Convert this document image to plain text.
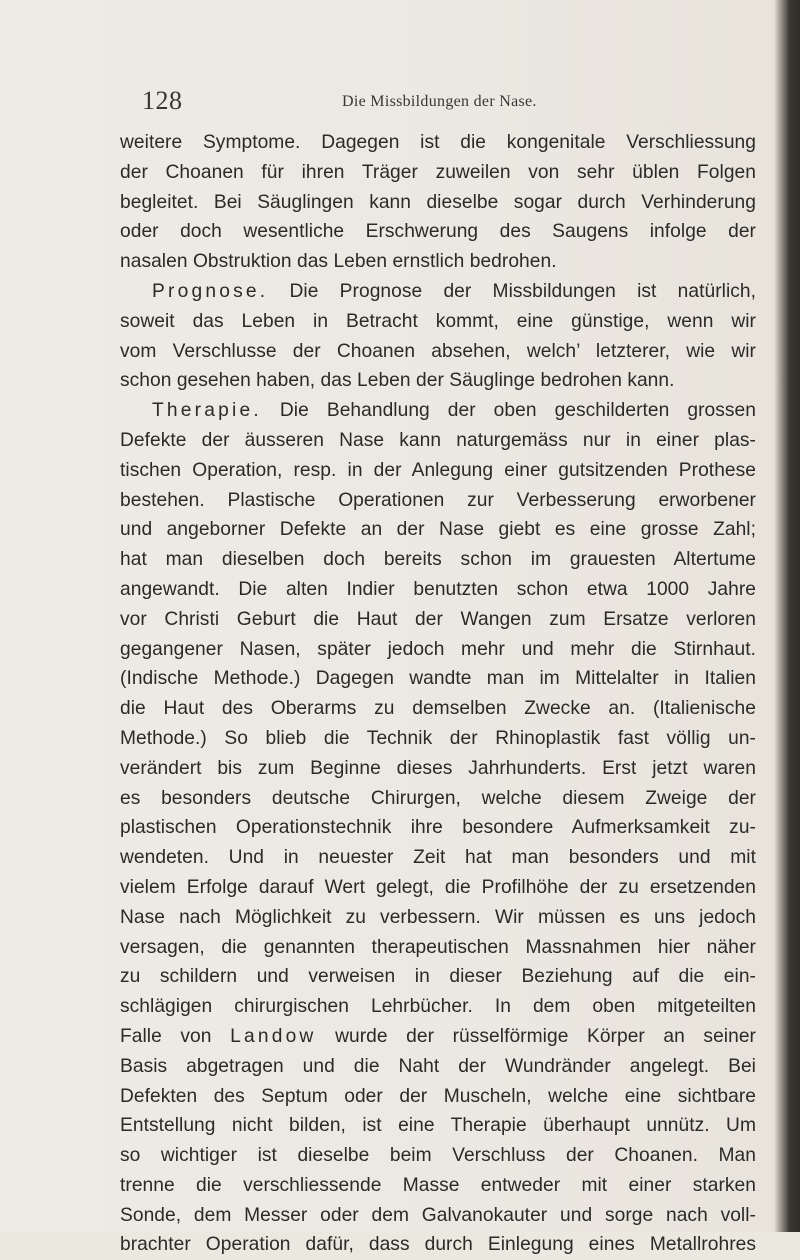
128	Die Missbildungen der Nase.
weitere Symptome. Dagegen ist die kongenitale Verschliessung
der Choanen für ihren Träger zuweilen von sehr üblen Folgen
begleitet. Bei Säuglingen kann dieselbe sogar durch Verhinderung
oder doch wesentliche Erschwerung des Saugens infolge der
nasalen Obstruktion das Leben ernstlich bedrohen.
Prognose. Die Prognose der Missbildungen ist natürlich,
soweit das Leben in Betracht kommt, eine günstige, wenn wir
vom Verschlusse der Choanen absehen, welch’ letzterer, wie wir
schon gesehen haben, das Leben der Säuglinge bedrohen kann.
Therapie. Die Behandlung der oben geschilderten grossen
Defekte der äusseren Nase kann naturgemäss nur in einer plas-
tischen Operation, resp. in der Anlegung einer gutsitzenden Prothese
bestehen. Plastische Operationen zur Verbesserung erworbener
und angeborner Defekte an der Nase giebt es eine grosse Zahl;
hat man dieselben doch bereits schon im grauesten Altertume
angewandt. Die alten Indier benutzten schon etwa 1000 Jahre
vor Christi Geburt die Haut der Wangen zum Ersatze verloren
gegangener Nasen, später jedoch mehr und mehr die Stirnhaut.
(Indische Methode.) Dagegen wandte man im Mittelalter in Italien
die Haut des Oberarms zu demselben Zwecke an. (Italienische
Methode.) So blieb die Technik der Rhinoplastik fast völlig un-
verändert bis zum Beginne dieses Jahrhunderts. Erst jetzt waren
es besonders deutsche Chirurgen, welche diesem Zweige der
plastischen Operationstechnik ihre besondere Aufmerksamkeit zu-
wendeten. Und in neuester Zeit hat man besonders und mit
vielem Erfolge darauf Wert gelegt, die Profilhöhe der zu ersetzenden
Nase nach Möglichkeit zu verbessern. Wir müssen es uns jedoch
versagen, die genannten therapeutischen Massnahmen hier näher
zu schildern und verweisen in dieser Beziehung auf die ein-
schlägigen chirurgischen Lehrbücher. In dem oben mitgeteilten
Falle von Landow wurde der rüsselförmige Körper an seiner
Basis abgetragen und die Naht der Wundränder angelegt. Bei
Defekten des Septum oder der Muscheln, welche eine sichtbare
Entstellung nicht bilden, ist eine Therapie überhaupt unnütz. Um
so wichtiger ist dieselbe beim Verschluss der Choanen. Man
trenne die verschliessende Masse entweder mit einer starken
Sonde, dem Messer oder dem Galvanokauter und sorge nach voll-
brachter Operation dafür, dass durch Einlegung eines Metallrohres
